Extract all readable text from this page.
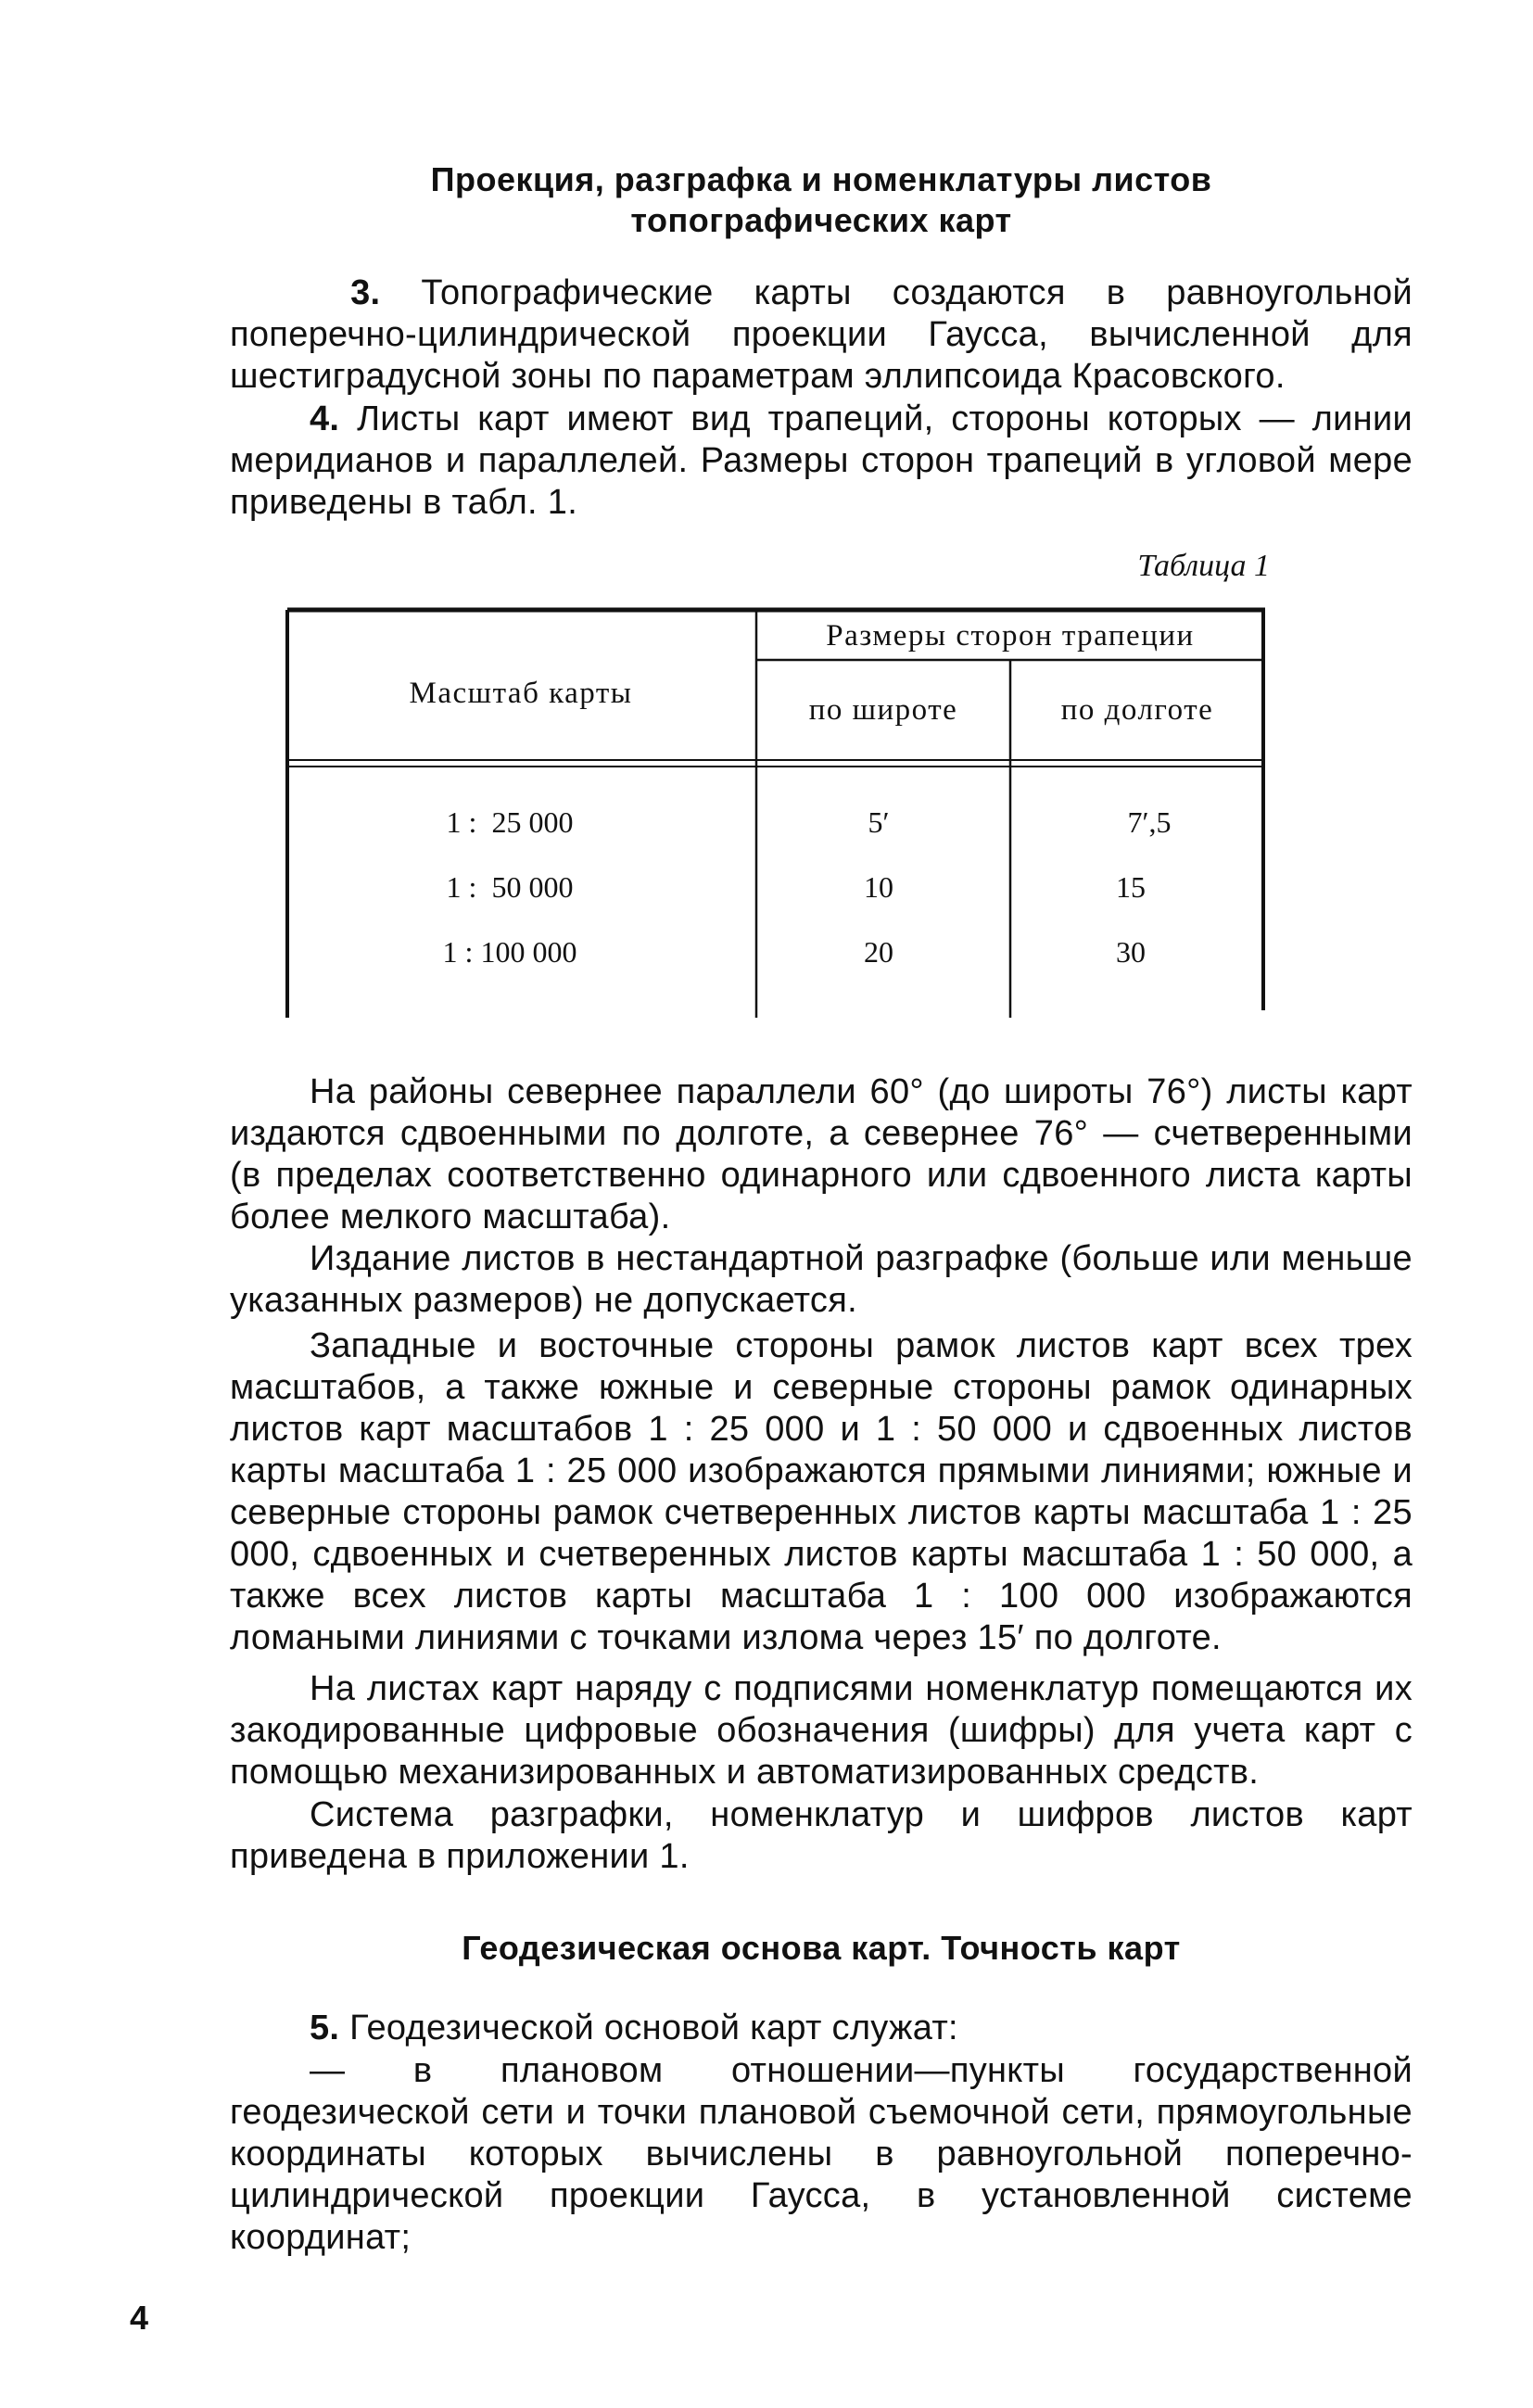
Проекция, разграфка и номенклатуры листов
топографических карт
3. Топографические карты создаются в равноугольной поперечно-цилиндрической проекции Гаусса, вычисленной для шестиградусной зоны по параметрам эллипсоида Красовского.
4. Листы карт имеют вид трапеций, стороны которых — линии меридианов и параллелей. Размеры сторон трапеций в угловой мере приведены в табл. 1.
Таблица 1
Масштаб карты
Размеры сторон трапеции
по широте	по долготе
1 :  25 000	5′	7′,5
1 :  50 000	10	15
1 : 100 000	20	30
На районы севернее параллели 60° (до широты 76°) листы карт издаются сдвоенными по долготе, а севернее 76° — счетверенными (в пределах соответственно одинарного или сдвоенного листа карты более мелкого масштаба).
Издание листов в нестандартной разграфке (больше или меньше указанных размеров) не допускается.
Западные и восточные стороны рамок листов карт всех трех масштабов, а также южные и северные стороны рамок одинарных листов карт масштабов 1 : 25 000 и 1 : 50 000 и сдвоенных листов карты масштаба 1 : 25 000 изображаются прямыми линиями; южные и северные стороны рамок счетверенных листов карты масштаба 1 : 25 000, сдвоенных и счетверенных листов карты масштаба 1 : 50 000, а также всех листов карты масштаба 1 : 100 000 изображаются ломаными линиями с точками излома через 15′ по долготе.
На листах карт наряду с подписями номенклатур помещаются их закодированные цифровые обозначения (шифры) для учета карт с помощью механизированных и автоматизированных средств.
Система разграфки, номенклатур и шифров листов карт приведена в приложении 1.
Геодезическая основа карт. Точность карт
5. Геодезической основой карт служат:
— в плановом отношении—пункты государственной геодезической сети и точки плановой съемочной сети, прямоугольные координаты которых вычислены в равноугольной поперечно-цилиндрической проекции Гаусса, в установленной системе координат;
4
